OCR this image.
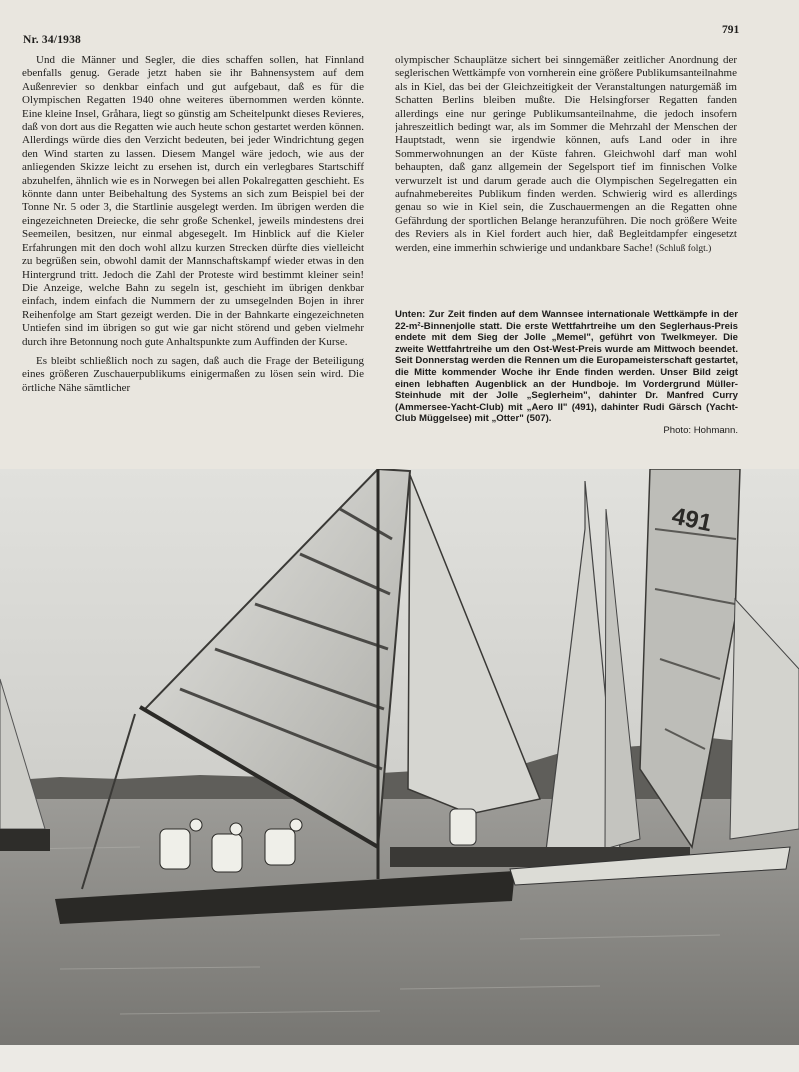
Nr. 34/1938
791

Und die Männer und Segler, die dies schaffen sollen, hat Finnland ebenfalls genug. Gerade jetzt haben sie ihr Bahnensystem auf dem Außenrevier so denkbar einfach und gut aufgebaut, daß es für die Olympischen Regatten 1940 ohne weiteres übernommen werden könnte. Eine kleine Insel, Gråhara, liegt so günstig am Scheitelpunkt dieses Revieres, daß von dort aus die Regatten wie auch heute schon gestartet werden können. Allerdings würde dies den Verzicht bedeuten, bei jeder Windrichtung gegen den Wind starten zu lassen. Diesem Mangel wäre jedoch, wie aus der anliegenden Skizze leicht zu ersehen ist, durch ein verlegbares Startschiff abzuhelfen, ähnlich wie es in Norwegen bei allen Pokalregatten geschieht. Es könnte dann unter Beibehaltung des Systems an sich zum Beispiel bei der Tonne Nr. 5 oder 3, die Startlinie ausgelegt werden. Im übrigen werden die eingezeichneten Dreiecke, die sehr große Schenkel, jeweils mindestens drei Seemeilen, besitzen, nur einmal abgesegelt. Im Hinblick auf die Kieler Erfahrungen mit den doch wohl allzu kurzen Strecken dürfte dies vielleicht zu begrüßen sein, obwohl damit der Mannschaftskampf wieder etwas in den Hintergrund tritt. Jedoch die Zahl der Proteste wird bestimmt kleiner sein! Die Anzeige, welche Bahn zu segeln ist, geschieht im übrigen denkbar einfach, indem einfach die Nummern der zu umsegelnden Bojen in ihrer Reihenfolge am Start gezeigt werden. Die in der Bahnkarte eingezeichneten Untiefen sind im übrigen so gut wie gar nicht störend und geben vielmehr durch ihre Betonnung noch gute Anhaltspunkte zum Auffinden der Kurse.

Es bleibt schließlich noch zu sagen, daß auch die Frage der Beteiligung eines größeren Zuschauerpublikums einigermaßen zu lösen sein wird. Die örtliche Nähe sämtlicher

olympischer Schauplätze sichert bei sinngemäßer zeitlicher Anordnung der seglerischen Wettkämpfe von vornherein eine größere Publikumsanteilnahme als in Kiel, das bei der Gleichzeitigkeit der Veranstaltungen naturgemäß im Schatten Berlins bleiben mußte. Die Helsingforser Regatten fanden allerdings eine nur geringe Publikumsanteilnahme, die jedoch insofern jahreszeitlich bedingt war, als im Sommer die Mehrzahl der Menschen der Hauptstadt, wenn sie irgendwie können, aufs Land oder in ihre Sommerwohnungen an der Küste fahren. Gleichwohl darf man wohl behaupten, daß ganz allgemein der Segelsport tief im finnischen Volke verwurzelt ist und darum gerade auch die Olympischen Segelregatten ein aufnahmebereites Publikum finden werden. Schwierig wird es allerdings genau so wie in Kiel sein, die Zuschauermengen an die Regatten ohne Gefährdung der sportlichen Belange heranzuführen. Die noch größere Weite des Reviers als in Kiel fordert auch hier, daß Begleitdampfer eingesetzt werden, eine immerhin schwierige und undankbare Sache! (Schluß folgt.)

Unten: Zur Zeit finden auf dem Wannsee internationale Wettkämpfe in der 22-m²-Binnenjolle statt. Die erste Wettfahrtreihe um den Seglerhaus-Preis endete mit dem Sieg der Jolle „Memel", geführt von Twelkmeyer. Die zweite Wettfahrtreihe um den Ost-West-Preis wurde am Mittwoch beendet. Seit Donnerstag werden die Rennen um die Europameisterschaft gestartet, die Mitte kommender Woche ihr Ende finden werden. Unser Bild zeigt einen lebhaften Augenblick an der Hundboje. Im Vordergrund Müller-Steinhude mit der Jolle „Seglerheim", dahinter Dr. Manfred Curry (Ammersee-Yacht-Club) mit „Aero II" (491), dahinter Rudi Gärsch (Yacht-Club Müggelsee) mit „Otter" (507).
Photo: Hohmann.
491
